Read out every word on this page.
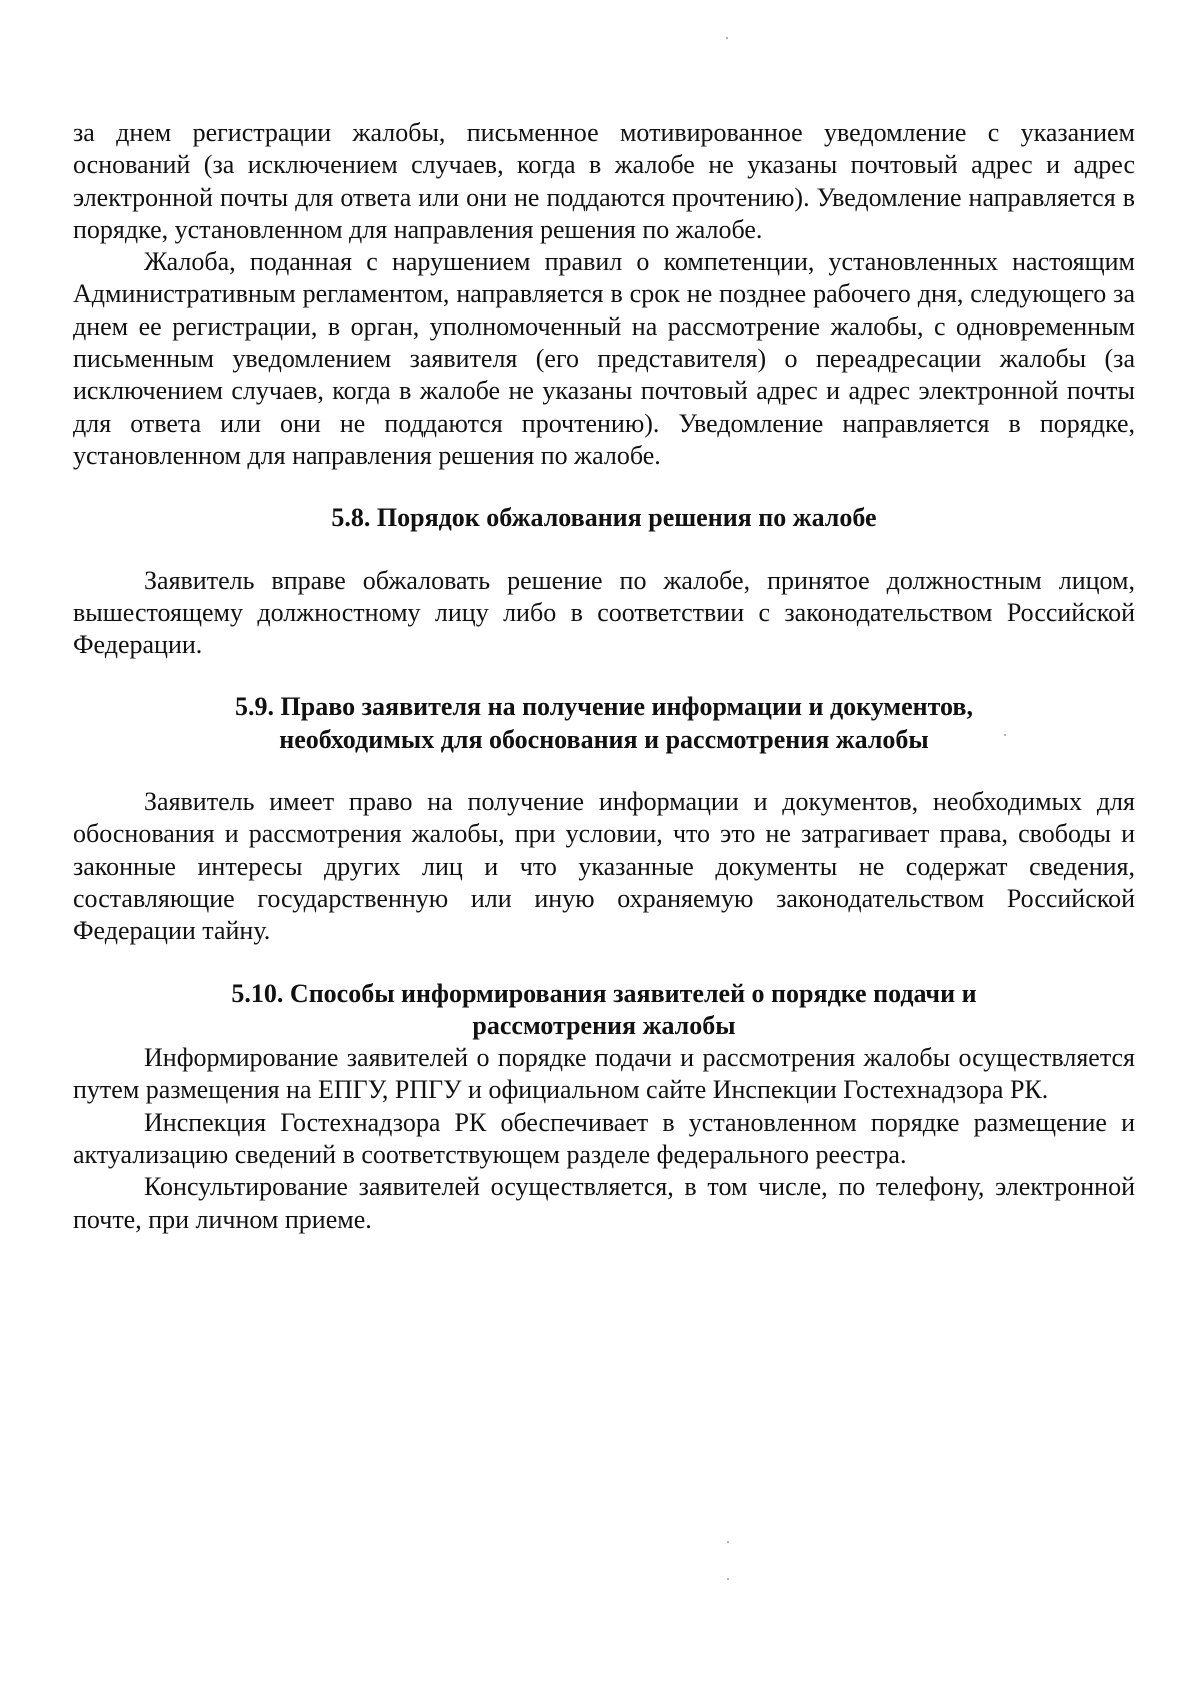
за днем регистрации жалобы, письменное мотивированное уведомление с указанием оснований (за исключением случаев, когда в жалобе не указаны почтовый адрес и адрес электронной почты для ответа или они не поддаются прочтению). Уведомление направляется в порядке, установленном для направления решения по жалобе.

Жалоба, поданная с нарушением правил о компетенции, установленных настоящим Административным регламентом, направляется в срок не позднее рабочего дня, следующего за днем ее регистрации, в орган, уполномоченный на рассмотрение жалобы, с одновременным письменным уведомлением заявителя (его представителя) о переадресации жалобы (за исключением случаев, когда в жалобе не указаны почтовый адрес и адрес электронной почты для ответа или они не поддаются прочтению). Уведомление направляется в порядке, установленном для направления решения по жалобе.

5.8. Порядок обжалования решения по жалобе

Заявитель вправе обжаловать решение по жалобе, принятое должностным лицом, вышестоящему должностному лицу либо в соответствии с законодательством Российской Федерации.

5.9. Право заявителя на получение информации и документов,
необходимых для обоснования и рассмотрения жалобы

Заявитель имеет право на получение информации и документов, необходимых для обоснования и рассмотрения жалобы, при условии, что это не затрагивает права, свободы и законные интересы других лиц и что указанные документы не содержат сведения, составляющие государственную или иную охраняемую законодательством Российской Федерации тайну.

5.10. Способы информирования заявителей о порядке подачи и
рассмотрения жалобы

Информирование заявителей о порядке подачи и рассмотрения жалобы осуществляется путем размещения на ЕПГУ, РПГУ и официальном сайте Инспекции Гостехнадзора РК.

Инспекция Гостехнадзора РК обеспечивает в установленном порядке размещение и актуализацию сведений в соответствующем разделе федерального реестра.

Консультирование заявителей осуществляется, в том числе, по телефону, электронной почте, при личном приеме.
